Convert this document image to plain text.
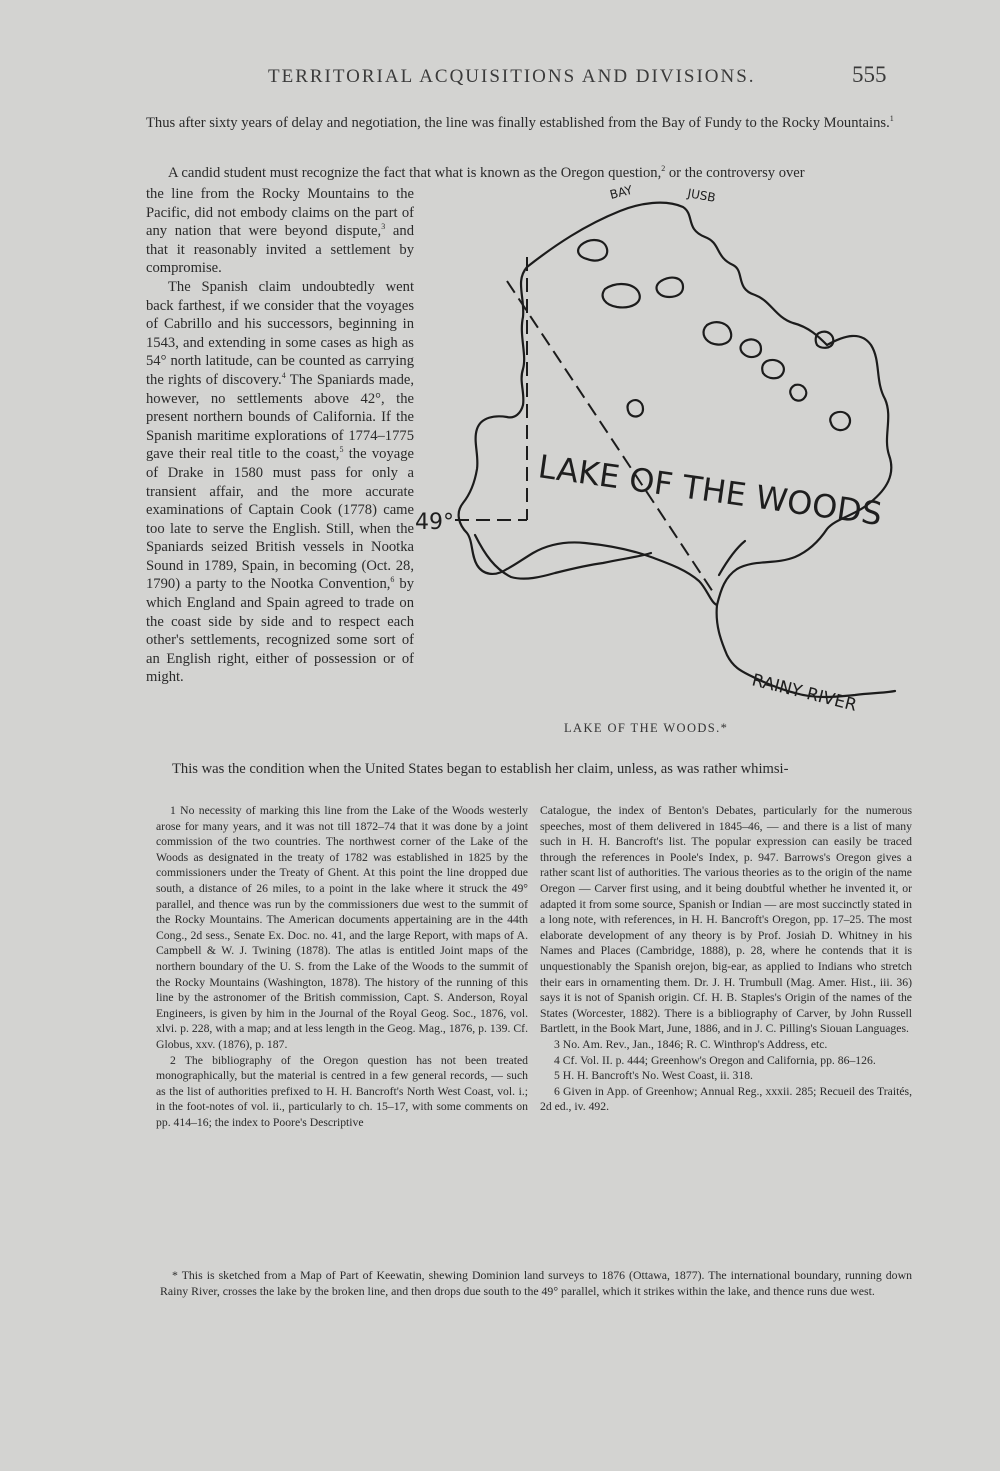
TERRITORIAL ACQUISITIONS AND DIVISIONS.	555
Thus after sixty years of delay and negotiation, the line was finally established from the Bay of Fundy to the Rocky Mountains.$^1$
A candid student must recognize the fact that what is known as the Oregon question,$^2$ or the controversy over

the line from the Rocky Mountains to the Pacific, did not embody claims on the part of any nation that were beyond dispute,$^3$ and that it reasonably invited a settlement by compromise.

The Spanish claim undoubtedly went back farthest, if we consider that the voyages of Cabrillo and his successors, beginning in 1543, and extending in some cases as high as 54° north latitude, can be counted as carrying the rights of discovery.$^4$ The Spaniards made, however, no settlements above 42°, the present northern bounds of California. If the Spanish maritime explorations of 1774–1775 gave their real title to the coast,$^5$ the voyage of Drake in 1580 must pass for only a transient affair, and the more accurate examinations of Captain Cook (1778) came too late to serve the English. Still, when the Spaniards seized British vessels in Nootka Sound in 1789, Spain, in becoming (Oct. 28, 1790) a party to the Nootka Convention,$^6$ by which England and Spain agreed to trade on the coast side by side and to respect each other's settlements, recognized some sort of an English right, either of possession or of might.

This was the condition when the United States began to establish her claim, unless, as was rather whimsi-
LAKE OF THE WOODS
RAINY RIVER
49°
BAY	JUSB
LAKE OF THE WOODS.*

1 No necessity of marking this line from the Lake of the Woods westerly arose for many years, and it was not till 1872–74 that it was done by a joint commission of the two countries. The northwest corner of the Lake of the Woods as designated in the treaty of 1782 was established in 1825 by the commissioners under the Treaty of Ghent. At this point the line dropped due south, a distance of 26 miles, to a point in the lake where it struck the 49° parallel, and thence was run by the commissioners due west to the summit of the Rocky Mountains. The American documents appertaining are in the 44th Cong., 2d sess., Senate Ex. Doc. no. 41, and the large Report, with maps of A. Campbell & W. J. Twining (1878). The atlas is entitled Joint maps of the northern boundary of the U. S. from the Lake of the Woods to the summit of the Rocky Mountains (Washington, 1878). The history of the running of this line by the astronomer of the British commission, Capt. S. Anderson, Royal Engineers, is given by him in the Journal of the Royal Geog. Soc., 1876, vol. xlvi. p. 228, with a map; and at less length in the Geog. Mag., 1876, p. 139. Cf. Globus, xxv. (1876), p. 187.

2 The bibliography of the Oregon question has not been treated monographically, but the material is centred in a few general records, — such as the list of authorities prefixed to H. H. Bancroft's North West Coast, vol. i.; in the foot-notes of vol. ii., particularly to ch. 15–17, with some comments on pp. 414–16; the index to Poore's Descriptive

Catalogue, the index of Benton's Debates, particularly for the numerous speeches, most of them delivered in 1845–46, — and there is a list of many such in H. H. Bancroft's list. The popular expression can easily be traced through the references in Poole's Index, p. 947. Barrows's Oregon gives a rather scant list of authorities. The various theories as to the origin of the name Oregon — Carver first using, and it being doubtful whether he invented it, or adapted it from some source, Spanish or Indian — are most succinctly stated in a long note, with references, in H. H. Bancroft's Oregon, pp. 17–25. The most elaborate development of any theory is by Prof. Josiah D. Whitney in his Names and Places (Cambridge, 1888), p. 28, where he contends that it is unquestionably the Spanish orejon, big-ear, as applied to Indians who stretch their ears in ornamenting them. Dr. J. H. Trumbull (Mag. Amer. Hist., iii. 36) says it is not of Spanish origin. Cf. H. B. Staples's Origin of the names of the States (Worcester, 1882). There is a bibliography of Carver, by John Russell Bartlett, in the Book Mart, June, 1886, and in J. C. Pilling's Siouan Languages.

3 No. Am. Rev., Jan., 1846; R. C. Winthrop's Address, etc.

4 Cf. Vol. II. p. 444; Greenhow's Oregon and California, pp. 86–126.

5 H. H. Bancroft's No. West Coast, ii. 318.

6 Given in App. of Greenhow; Annual Reg., xxxii. 285; Recueil des Traités, 2d ed., iv. 492.

* This is sketched from a Map of Part of Keewatin, shewing Dominion land surveys to 1876 (Ottawa, 1877). The international boundary, running down Rainy River, crosses the lake by the broken line, and then drops due south to the 49° parallel, which it strikes within the lake, and thence runs due west.
